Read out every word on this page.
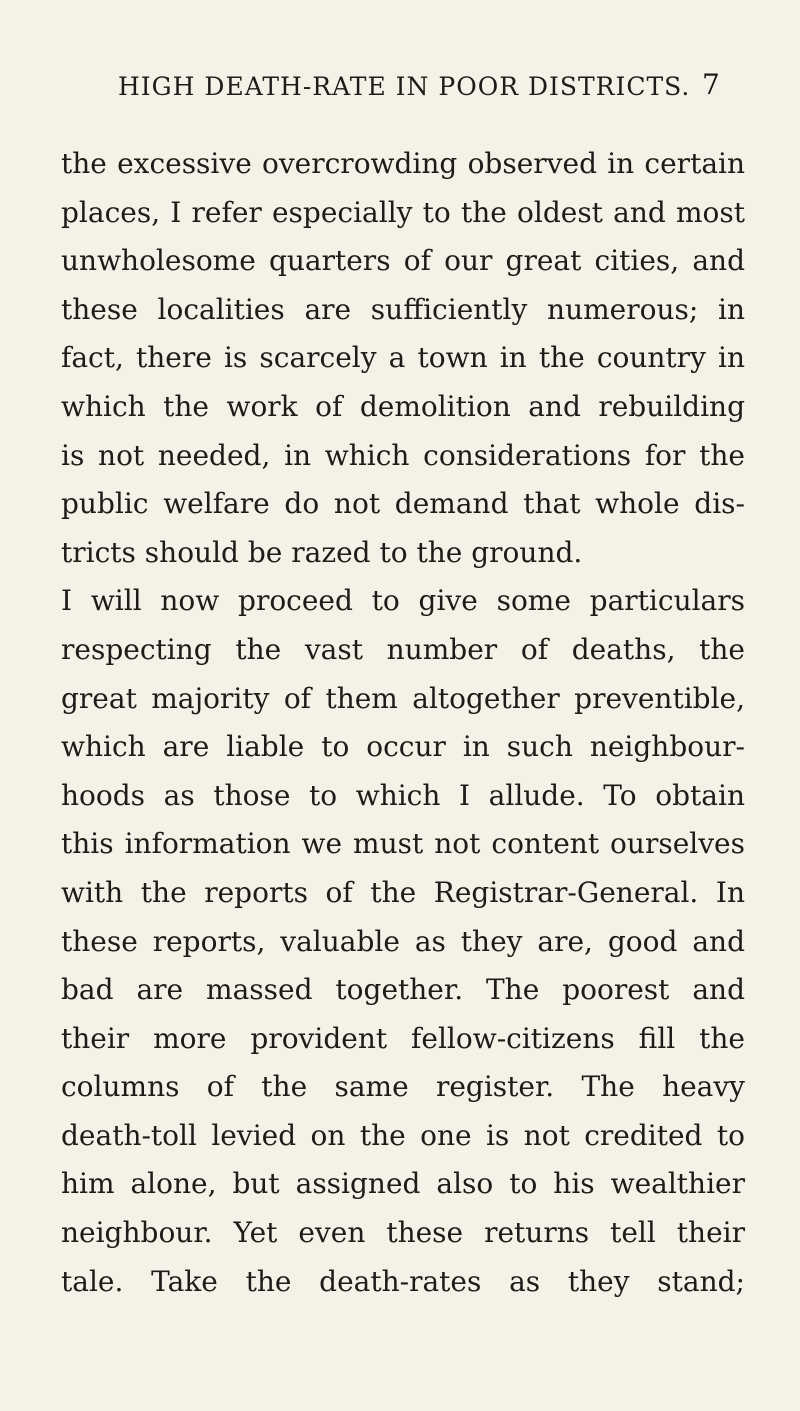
HIGH DEATH-RATE IN POOR DISTRICTS. 7
the excessive overcrowding observed in certain
places, I refer especially to the oldest and most
unwholesome quarters of our great cities, and
these localities are sufficiently numerous; in
fact, there is scarcely a town in the country in
which the work of demolition and rebuilding
is not needed, in which considerations for the
public welfare do not demand that whole dis-
tricts should be razed to the ground.
I will now proceed to give some particulars
respecting the vast number of deaths, the
great majority of them altogether preventible,
which are liable to occur in such neighbour-
hoods as those to which I allude. To obtain
this information we must not content ourselves
with the reports of the Registrar-General. In
these reports, valuable as they are, good and
bad are massed together. The poorest and
their more provident fellow-citizens fill the
columns of the same register. The heavy
death-toll levied on the one is not credited to
him alone, but assigned also to his wealthier
neighbour. Yet even these returns tell their
tale. Take the death-rates as they stand;
